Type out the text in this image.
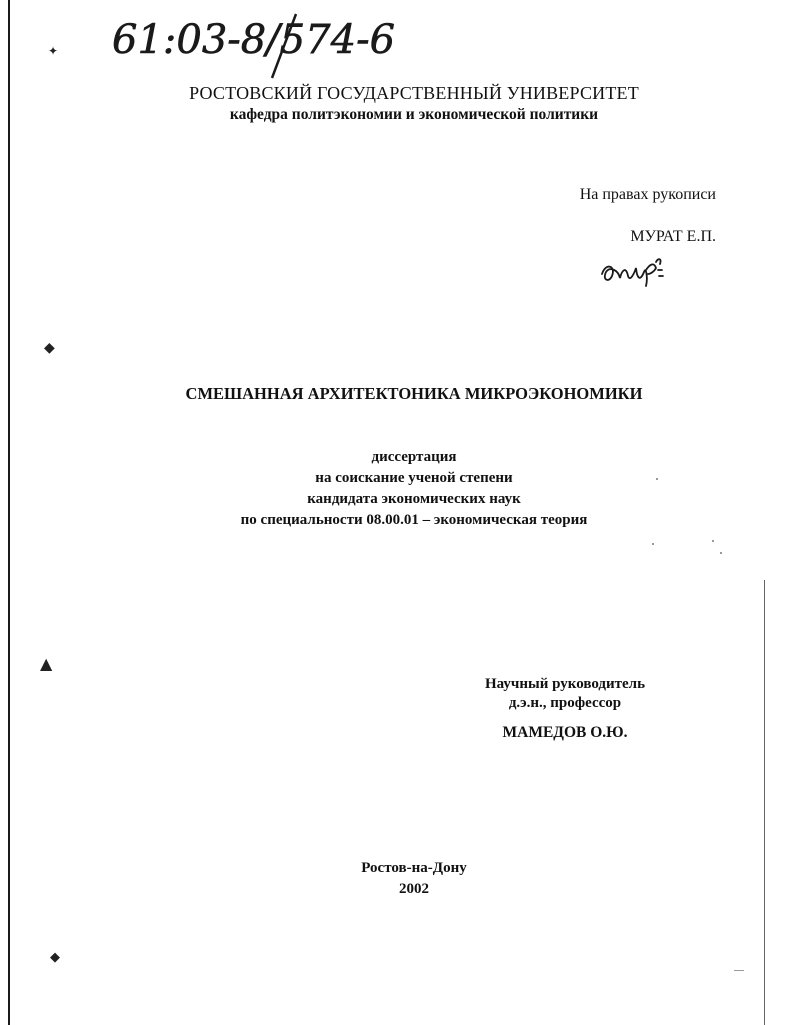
61:03-8/574-6
✦
◆
▲
◆

РОСТОВСКИЙ ГОСУДАРСТВЕННЫЙ УНИВЕРСИТЕТ

кафедра политэкономии и экономической политики

На правах рукописи

МУРАТ Е.П.

СМЕШАННАЯ АРХИТЕКТОНИКА МИКРОЭКОНОМИКИ

диссертация

на соискание ученой степени

кандидата экономических наук

по специальности 08.00.01 – экономическая теория

Научный руководитель

д.э.н., профессор

МАМЕДОВ О.Ю.

Ростов-на-Дону

2002
